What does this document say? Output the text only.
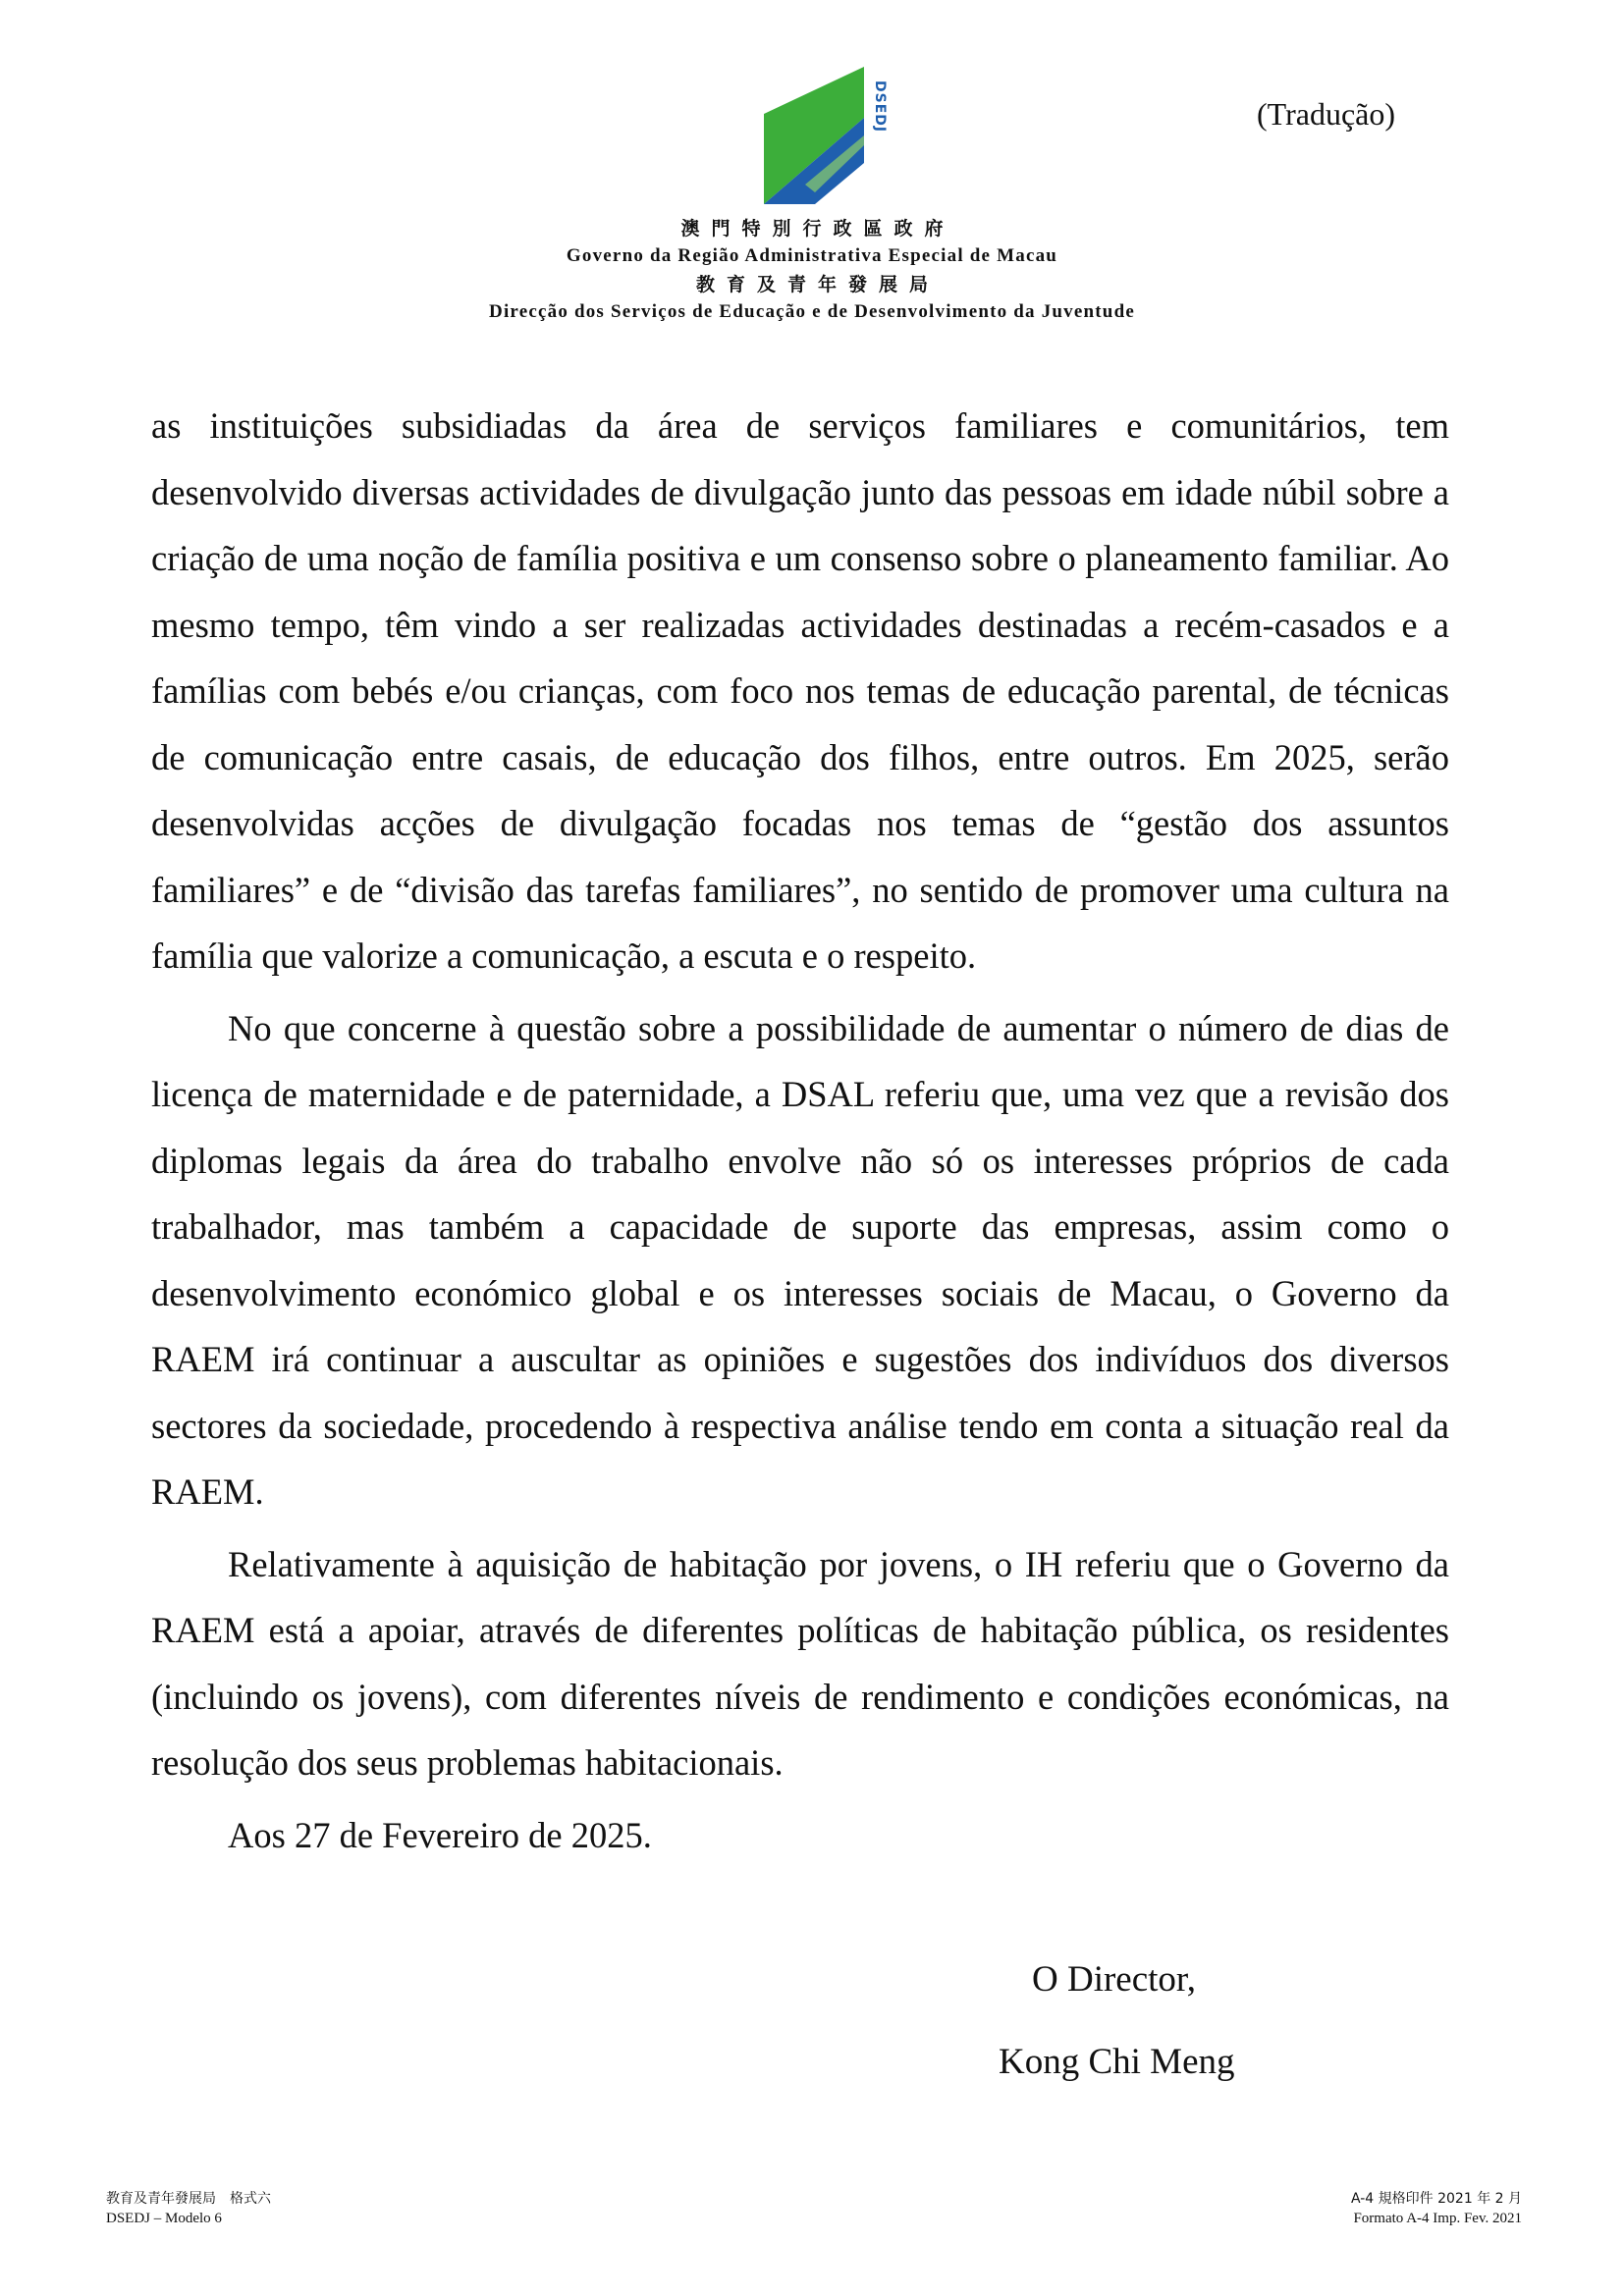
(Tradução)
DSEDJ
澳門特別行政區政府
Governo da Região Administrativa Especial de Macau
教育及青年發展局
Direcção dos Serviços de Educação e de Desenvolvimento da Juventude

as instituições subsidiadas da área de serviços familiares e comunitários, tem desenvolvido diversas actividades de divulgação junto das pessoas em idade núbil sobre a criação de uma noção de família positiva e um consenso sobre o planeamento familiar. Ao mesmo tempo, têm vindo a ser realizadas actividades destinadas a recém-casados e a famílias com bebés e/ou crianças, com foco nos temas de educação parental, de técnicas de comunicação entre casais, de educação dos filhos, entre outros. Em 2025, serão desenvolvidas acções de divulgação focadas nos temas de “gestão dos assuntos familiares” e de “divisão das tarefas familiares”, no sentido de promover uma cultura na família que valorize a comunicação, a escuta e o respeito.

No que concerne à questão sobre a possibilidade de aumentar o número de dias de licença de maternidade e de paternidade, a DSAL referiu que, uma vez que a revisão dos diplomas legais da área do trabalho envolve não só os interesses próprios de cada trabalhador, mas também a capacidade de suporte das empresas, assim como o desenvolvimento económico global e os interesses sociais de Macau, o Governo da RAEM irá continuar a auscultar as opiniões e sugestões dos indivíduos dos diversos sectores da sociedade, procedendo à respectiva análise tendo em conta a situação real da RAEM.

Relativamente à aquisição de habitação por jovens, o IH referiu que o Governo da RAEM está a apoiar, através de diferentes políticas de habitação pública, os residentes (incluindo os jovens), com diferentes níveis de rendimento e condições económicas, na resolução dos seus problemas habitacionais.

Aos 27 de Fevereiro de 2025.

O Director,
Kong Chi Meng
教育及青年發展局　格式六
DSEDJ – Modelo 6
A-4 規格印件 2021 年 2 月
Formato A-4 Imp. Fev. 2021
